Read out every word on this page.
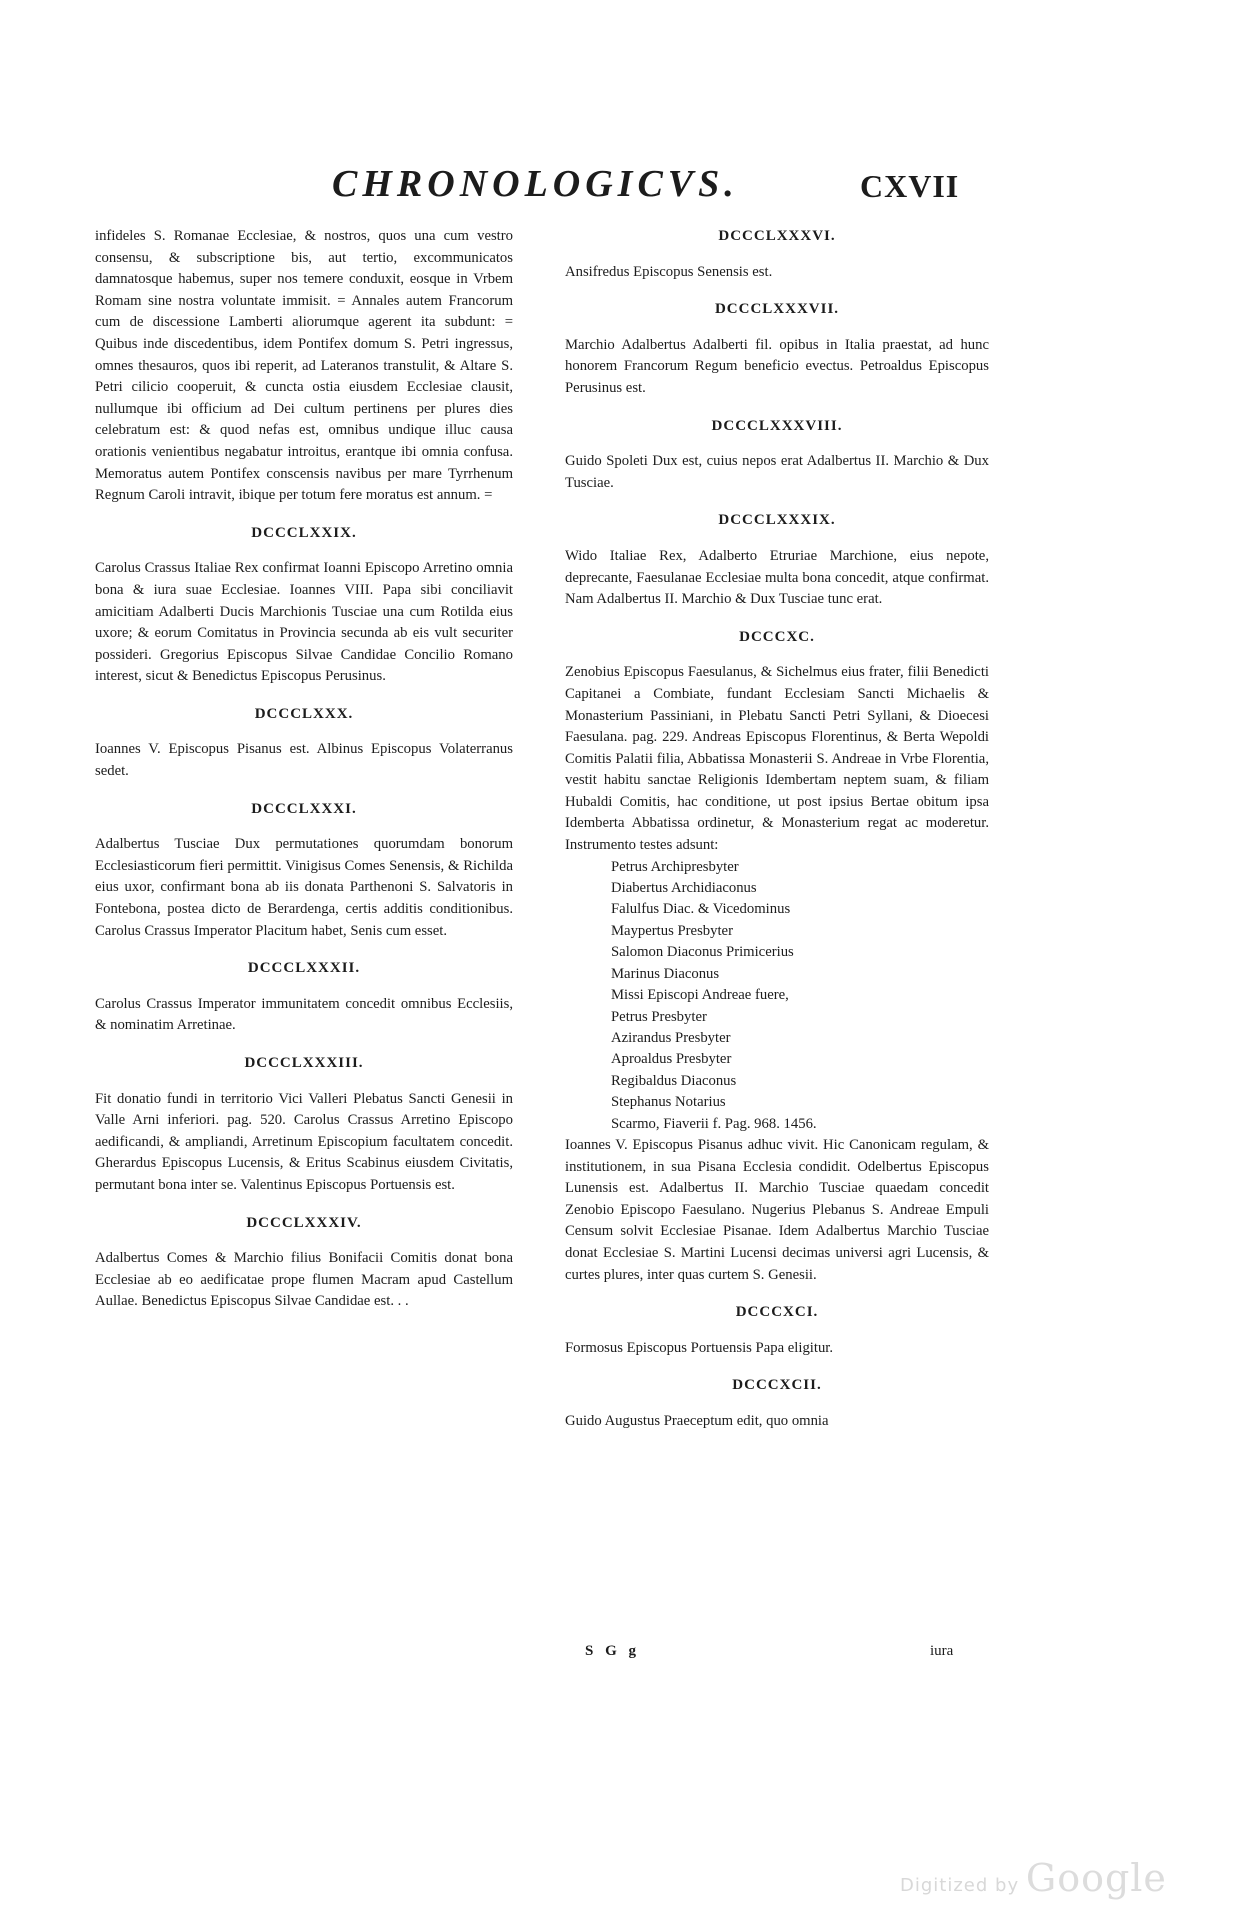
CHRONOLOGICVS.	CXVII

infideles S. Romanae Ecclesiae, & nostros, quos una cum vestro consensu, & subscriptione bis, aut tertio, excommunicatos damnatosque habemus, super nos temere conduxit, eosque in Vrbem Romam sine nostra voluntate immisit. = Annales autem Francorum cum de discessione Lamberti aliorumque agerent ita subdunt: = Quibus inde discedentibus, idem Pontifex domum S. Petri ingressus, omnes thesauros, quos ibi reperit, ad Lateranos transtulit, & Altare S. Petri cilicio cooperuit, & cuncta ostia eiusdem Ecclesiae clausit, nullumque ibi officium ad Dei cultum pertinens per plures dies celebratum est: & quod nefas est, omnibus undique illuc causa orationis venientibus negabatur introitus, erantque ibi omnia confusa. Memoratus autem Pontifex conscensis navibus per mare Tyrrhenum Regnum Caroli intravit, ibique per totum fere moratus est annum. =

DCCCLXXIX.

Carolus Crassus Italiae Rex confirmat Ioanni Episcopo Arretino omnia bona & iura suae Ecclesiae. Ioannes VIII. Papa sibi conciliavit amicitiam Adalberti Ducis Marchionis Tusciae una cum Rotilda eius uxore; & eorum Comitatus in Provincia secunda ab eis vult securiter possideri. Gregorius Episcopus Silvae Candidae Concilio Romano interest, sicut & Benedictus Episcopus Perusinus.

DCCCLXXX.

Ioannes V. Episcopus Pisanus est. Albinus Episcopus Volaterranus sedet.

DCCCLXXXI.

Adalbertus Tusciae Dux permutationes quorumdam bonorum Ecclesiasticorum fieri permittit. Vinigisus Comes Senensis, & Richilda eius uxor, confirmant bona ab iis donata Parthenoni S. Salvatoris in Fontebona, postea dicto de Berardenga, certis additis conditionibus. Carolus Crassus Imperator Placitum habet, Senis cum esset.

DCCCLXXXII.

Carolus Crassus Imperator immunitatem concedit omnibus Ecclesiis, & nominatim Arretinae.

DCCCLXXXIII.

Fit donatio fundi in territorio Vici Valleri Plebatus Sancti Genesii in Valle Arni inferiori. pag. 520. Carolus Crassus Arretino Episcopo aedificandi, & ampliandi, Arretinum Episcopium facultatem concedit. Gherardus Episcopus Lucensis, & Eritus Scabinus eiusdem Civitatis, permutant bona inter se. Valentinus Episcopus Portuensis est.

DCCCLXXXIV.

Adalbertus Comes & Marchio filius Bonifacii Comitis donat bona Ecclesiae ab eo aedificatae prope flumen Macram apud Castellum Aullae. Benedictus Episcopus Silvae Candidae est. . .

DCCCLXXXVI.

Ansifredus Episcopus Senensis est.

DCCCLXXXVII.

Marchio Adalbertus Adalberti fil. opibus in Italia praestat, ad hunc honorem Francorum Regum beneficio evectus. Petroaldus Episcopus Perusinus est.

DCCCLXXXVIII.

Guido Spoleti Dux est, cuius nepos erat Adalbertus II. Marchio & Dux Tusciae.

DCCCLXXXIX.

Wido Italiae Rex, Adalberto Etruriae Marchione, eius nepote, deprecante, Faesulanae Ecclesiae multa bona concedit, atque confirmat. Nam Adalbertus II. Marchio & Dux Tusciae tunc erat.

DCCCXC.

Zenobius Episcopus Faesulanus, & Sichelmus eius frater, filii Benedicti Capitanei a Combiate, fundant Ecclesiam Sancti Michaelis & Monasterium Passiniani, in Plebatu Sancti Petri Syllani, & Dioecesi Faesulana. pag. 229. Andreas Episcopus Florentinus, & Berta Wepoldi Comitis Palatii filia, Abbatissa Monasterii S. Andreae in Vrbe Florentia, vestit habitu sanctae Religionis Idembertam neptem suam, & filiam Hubaldi Comitis, hac conditione, ut post ipsius Bertae obitum ipsa Idemberta Abbatissa ordinetur, & Monasterium regat ac moderetur. Instrumento testes adsunt:

Petrus Archipresbyter
Diabertus Archidiaconus
Falulfus Diac. & Vicedominus
Maypertus Presbyter
Salomon Diaconus Primicerius
Marinus Diaconus
Missi Episcopi Andreae fuere,
Petrus Presbyter
Azirandus Presbyter
Aproaldus Presbyter
Regibaldus Diaconus
Stephanus Notarius
Scarmo, Fiaverii f. Pag. 968. 1456.

Ioannes V. Episcopus Pisanus adhuc vivit. Hic Canonicam regulam, & institutionem, in sua Pisana Ecclesia condidit. Odelbertus Episcopus Lunensis est. Adalbertus II. Marchio Tusciae quaedam concedit Zenobio Episcopo Faesulano. Nugerius Plebanus S. Andreae Empuli Censum solvit Ecclesiae Pisanae. Idem Adalbertus Marchio Tusciae donat Ecclesiae S. Martini Lucensi decimas universi agri Lucensis, & curtes plures, inter quas curtem S. Genesii.

DCCCXCI.

Formosus Episcopus Portuensis Papa eligitur.

DCCCXCII.

Guido Augustus Praeceptum edit, quo omnia

S G g	iura
Digitized by Google
